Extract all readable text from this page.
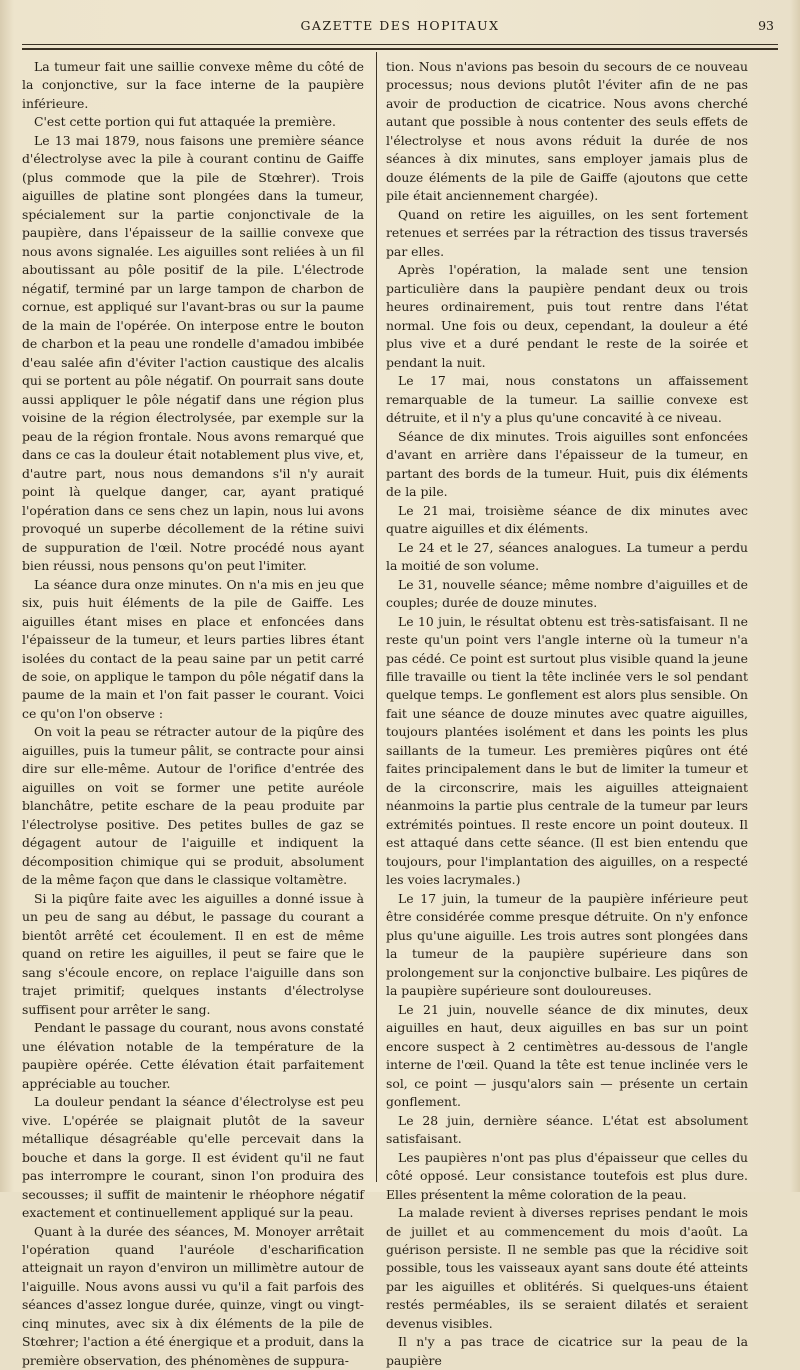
GAZETTE DES HOPITAUX	93

La tumeur fait une saillie convexe même du côté de la conjonctive, sur la face interne de la paupière inférieure.

C'est cette portion qui fut attaquée la première.

Le 13 mai 1879, nous faisons une première séance d'électrolyse avec la pile à courant continu de Gaiffe (plus commode que la pile de Stœhrer). Trois aiguilles de platine sont plongées dans la tumeur, spécialement sur la partie conjonctivale de la paupière, dans l'épaisseur de la saillie convexe que nous avons signalée. Les aiguilles sont reliées à un fil aboutissant au pôle positif de la pile. L'électrode négatif, terminé par un large tampon de charbon de cornue, est appliqué sur l'avant-bras ou sur la paume de la main de l'opérée. On interpose entre le bouton de charbon et la peau une rondelle d'amadou imbibée d'eau salée afin d'éviter l'action caustique des alcalis qui se portent au pôle négatif. On pourrait sans doute aussi appliquer le pôle négatif dans une région plus voisine de la région électrolysée, par exemple sur la peau de la région frontale. Nous avons remarqué que dans ce cas la douleur était notablement plus vive, et, d'autre part, nous nous demandons s'il n'y aurait point là quelque danger, car, ayant pratiqué l'opération dans ce sens chez un lapin, nous lui avons provoqué un superbe décollement de la rétine suivi de suppuration de l'œil. Notre procédé nous ayant bien réussi, nous pensons qu'on peut l'imiter.

La séance dura onze minutes. On n'a mis en jeu que six, puis huit éléments de la pile de Gaiffe. Les aiguilles étant mises en place et enfoncées dans l'épaisseur de la tumeur, et leurs parties libres étant isolées du contact de la peau saine par un petit carré de soie, on applique le tampon du pôle négatif dans la paume de la main et l'on fait passer le courant. Voici ce qu'on l'on observe :

On voit la peau se rétracter autour de la piqûre des aiguilles, puis la tumeur pâlit, se contracte pour ainsi dire sur elle-même. Autour de l'orifice d'entrée des aiguilles on voit se former une petite auréole blanchâtre, petite eschare de la peau produite par l'électrolyse positive. Des petites bulles de gaz se dégagent autour de l'aiguille et indiquent la décomposition chimique qui se produit, absolument de la même façon que dans le classique voltamètre.

Si la piqûre faite avec les aiguilles a donné issue à un peu de sang au début, le passage du courant a bientôt arrêté cet écoulement. Il en est de même quand on retire les aiguilles, il peut se faire que le sang s'écoule encore, on replace l'aiguille dans son trajet primitif; quelques instants d'électrolyse suffisent pour arrêter le sang.

Pendant le passage du courant, nous avons constaté une élévation notable de la température de la paupière opérée. Cette élévation était parfaitement appréciable au toucher.

La douleur pendant la séance d'électrolyse est peu vive. L'opérée se plaignait plutôt de la saveur métallique désagréable qu'elle percevait dans la bouche et dans la gorge. Il est évident qu'il ne faut pas interrompre le courant, sinon l'on produira des secousses; il suffit de maintenir le rhéophore négatif exactement et continuellement appliqué sur la peau.

Quant à la durée des séances, M. Monoyer arrêtait l'opération quand l'auréole d'escharification atteignait un rayon d'environ un millimètre autour de l'aiguille. Nous avons aussi vu qu'il a fait parfois des séances d'assez longue durée, quinze, vingt ou vingt-cinq minutes, avec six à dix éléments de la pile de Stœhrer; l'action a été énergique et a produit, dans la première observation, des phénomènes de suppura-

tion. Nous n'avions pas besoin du secours de ce nouveau processus; nous devions plutôt l'éviter afin de ne pas avoir de production de cicatrice. Nous avons cherché autant que possible à nous contenter des seuls effets de l'électrolyse et nous avons réduit la durée de nos séances à dix minutes, sans employer jamais plus de douze éléments de la pile de Gaiffe (ajoutons que cette pile était anciennement chargée).

Quand on retire les aiguilles, on les sent fortement retenues et serrées par la rétraction des tissus traversés par elles.

Après l'opération, la malade sent une tension particulière dans la paupière pendant deux ou trois heures ordinairement, puis tout rentre dans l'état normal. Une fois ou deux, cependant, la douleur a été plus vive et a duré pendant le reste de la soirée et pendant la nuit.

Le 17 mai, nous constatons un affaissement remarquable de la tumeur. La saillie convexe est détruite, et il n'y a plus qu'une concavité à ce niveau.

Séance de dix minutes. Trois aiguilles sont enfoncées d'avant en arrière dans l'épaisseur de la tumeur, en partant des bords de la tumeur. Huit, puis dix éléments de la pile.

Le 21 mai, troisième séance de dix minutes avec quatre aiguilles et dix éléments.

Le 24 et le 27, séances analogues. La tumeur a perdu la moitié de son volume.

Le 31, nouvelle séance; même nombre d'aiguilles et de couples; durée de douze minutes.

Le 10 juin, le résultat obtenu est très-satisfaisant. Il ne reste qu'un point vers l'angle interne où la tumeur n'a pas cédé. Ce point est surtout plus visible quand la jeune fille travaille ou tient la tête inclinée vers le sol pendant quelque temps. Le gonflement est alors plus sensible. On fait une séance de douze minutes avec quatre aiguilles, toujours plantées isolément et dans les points les plus saillants de la tumeur. Les premières piqûres ont été faites principalement dans le but de limiter la tumeur et de la circonscrire, mais les aiguilles atteignaient néanmoins la partie plus centrale de la tumeur par leurs extrémités pointues. Il reste encore un point douteux. Il est attaqué dans cette séance. (Il est bien entendu que toujours, pour l'implantation des aiguilles, on a respecté les voies lacrymales.)

Le 17 juin, la tumeur de la paupière inférieure peut être considérée comme presque détruite. On n'y enfonce plus qu'une aiguille. Les trois autres sont plongées dans la tumeur de la paupière supérieure dans son prolongement sur la conjonctive bulbaire. Les piqûres de la paupière supérieure sont douloureuses.

Le 21 juin, nouvelle séance de dix minutes, deux aiguilles en haut, deux aiguilles en bas sur un point encore suspect à 2 centimètres au-dessous de l'angle interne de l'œil. Quand la tête est tenue inclinée vers le sol, ce point — jusqu'alors sain — présente un certain gonflement.

Le 28 juin, dernière séance. L'état est absolument satisfaisant.

Les paupières n'ont pas plus d'épaisseur que celles du côté opposé. Leur consistance toutefois est plus dure. Elles présentent la même coloration de la peau.

La malade revient à diverses reprises pendant le mois de juillet et au commencement du mois d'août. La guérison persiste. Il ne semble pas que la récidive soit possible, tous les vaisseaux ayant sans doute été atteints par les aiguilles et oblitérés. Si quelques-uns étaient restés perméables, ils se seraient dilatés et seraient devenus visibles.

Il n'y a pas trace de cicatrice sur la peau de la paupière
